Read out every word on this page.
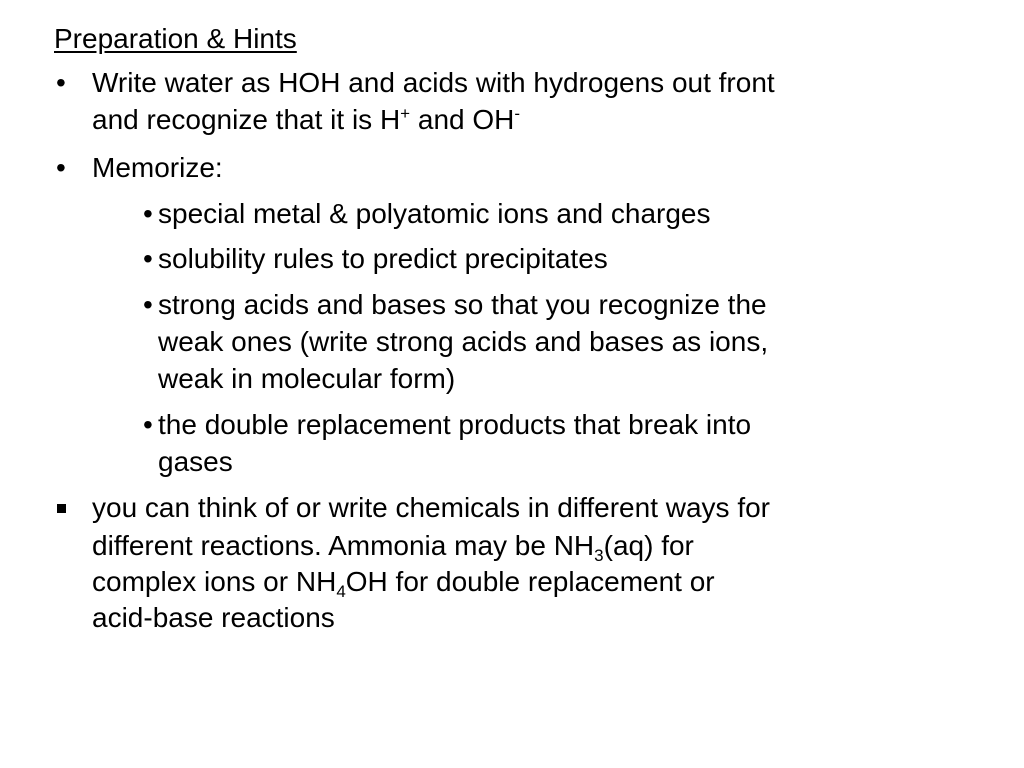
Preparation & Hints
• Write water as HOH and acids with hydrogens out front
and recognize that it is H+ and OH-
• Memorize:
• special metal & polyatomic ions and charges
• solubility rules to predict precipitates
• strong acids and bases so that you recognize the
weak ones (write strong acids and bases as ions,
weak in molecular form)
• the double replacement products that break into
gases
you can think of or write chemicals in different ways for
different reactions. Ammonia may be $NH_3(aq)$ for
complex ions or $NH_4OH$ for double replacement or
acid-base reactions
